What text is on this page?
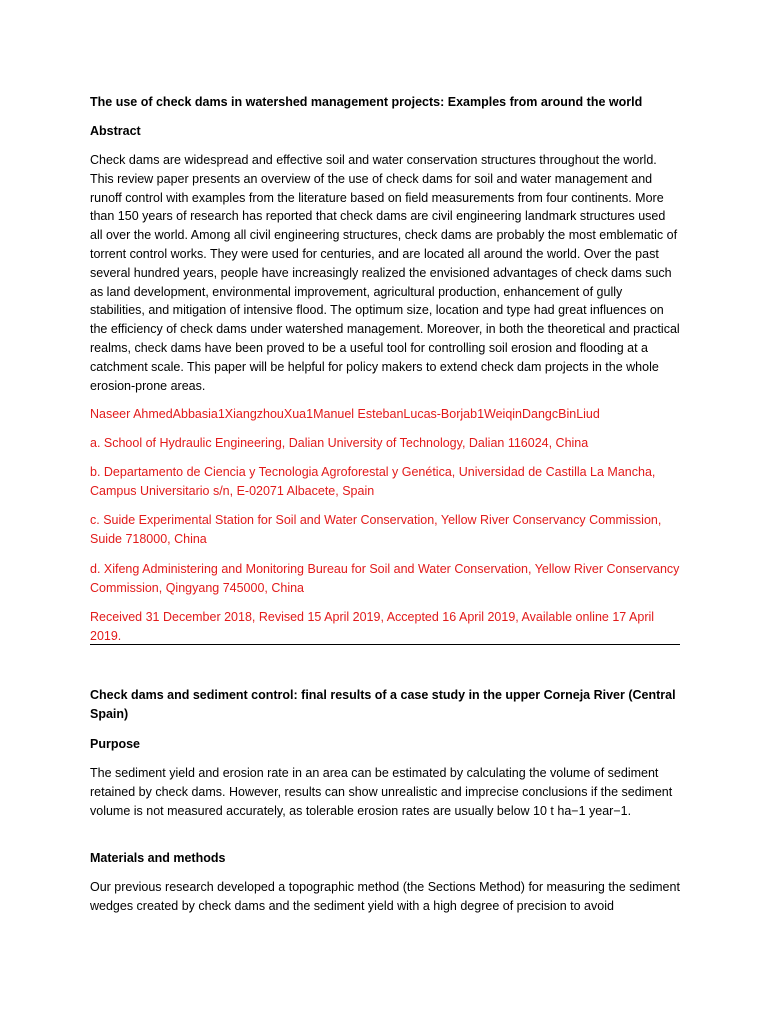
The use of check dams in watershed management projects: Examples from around the world

Abstract

Check dams are widespread and effective soil and water conservation structures throughout the world. This review paper presents an overview of the use of check dams for soil and water management and runoff control with examples from the literature based on field measurements from four continents. More than 150 years of research has reported that check dams are civil engineering landmark structures used all over the world. Among all civil engineering structures, check dams are probably the most emblematic of torrent control works. They were used for centuries, and are located all around the world. Over the past several hundred years, people have increasingly realized the envisioned advantages of check dams such as land development, environmental improvement, agricultural production, enhancement of gully stabilities, and mitigation of intensive flood. The optimum size, location and type had great influences on the efficiency of check dams under watershed management. Moreover, in both the theoretical and practical realms, check dams have been proved to be a useful tool for controlling soil erosion and flooding at a catchment scale. This paper will be helpful for policy makers to extend check dam projects in the whole erosion-prone areas.

Naseer AhmedAbbasia1XiangzhouXua1Manuel EstebanLucas-Borjab1WeiqinDangcBinLiud

a. School of Hydraulic Engineering, Dalian University of Technology, Dalian 116024, China

b. Departamento de Ciencia y Tecnologia Agroforestal y Genética, Universidad de Castilla La Mancha, Campus Universitario s/n, E-02071 Albacete, Spain

c. Suide Experimental Station for Soil and Water Conservation, Yellow River Conservancy Commission, Suide 718000, China

d. Xifeng Administering and Monitoring Bureau for Soil and Water Conservation, Yellow River Conservancy Commission, Qingyang 745000, China

Received 31 December 2018, Revised 15 April 2019, Accepted 16 April 2019, Available online 17 April 2019.

Check dams and sediment control: final results of a case study in the upper Corneja River (Central Spain)

Purpose

The sediment yield and erosion rate in an area can be estimated by calculating the volume of sediment retained by check dams. However, results can show unrealistic and imprecise conclusions if the sediment volume is not measured accurately, as tolerable erosion rates are usually below 10 t ha−1 year−1.

Materials and methods

Our previous research developed a topographic method (the Sections Method) for measuring the sediment wedges created by check dams and the sediment yield with a high degree of precision to avoid
